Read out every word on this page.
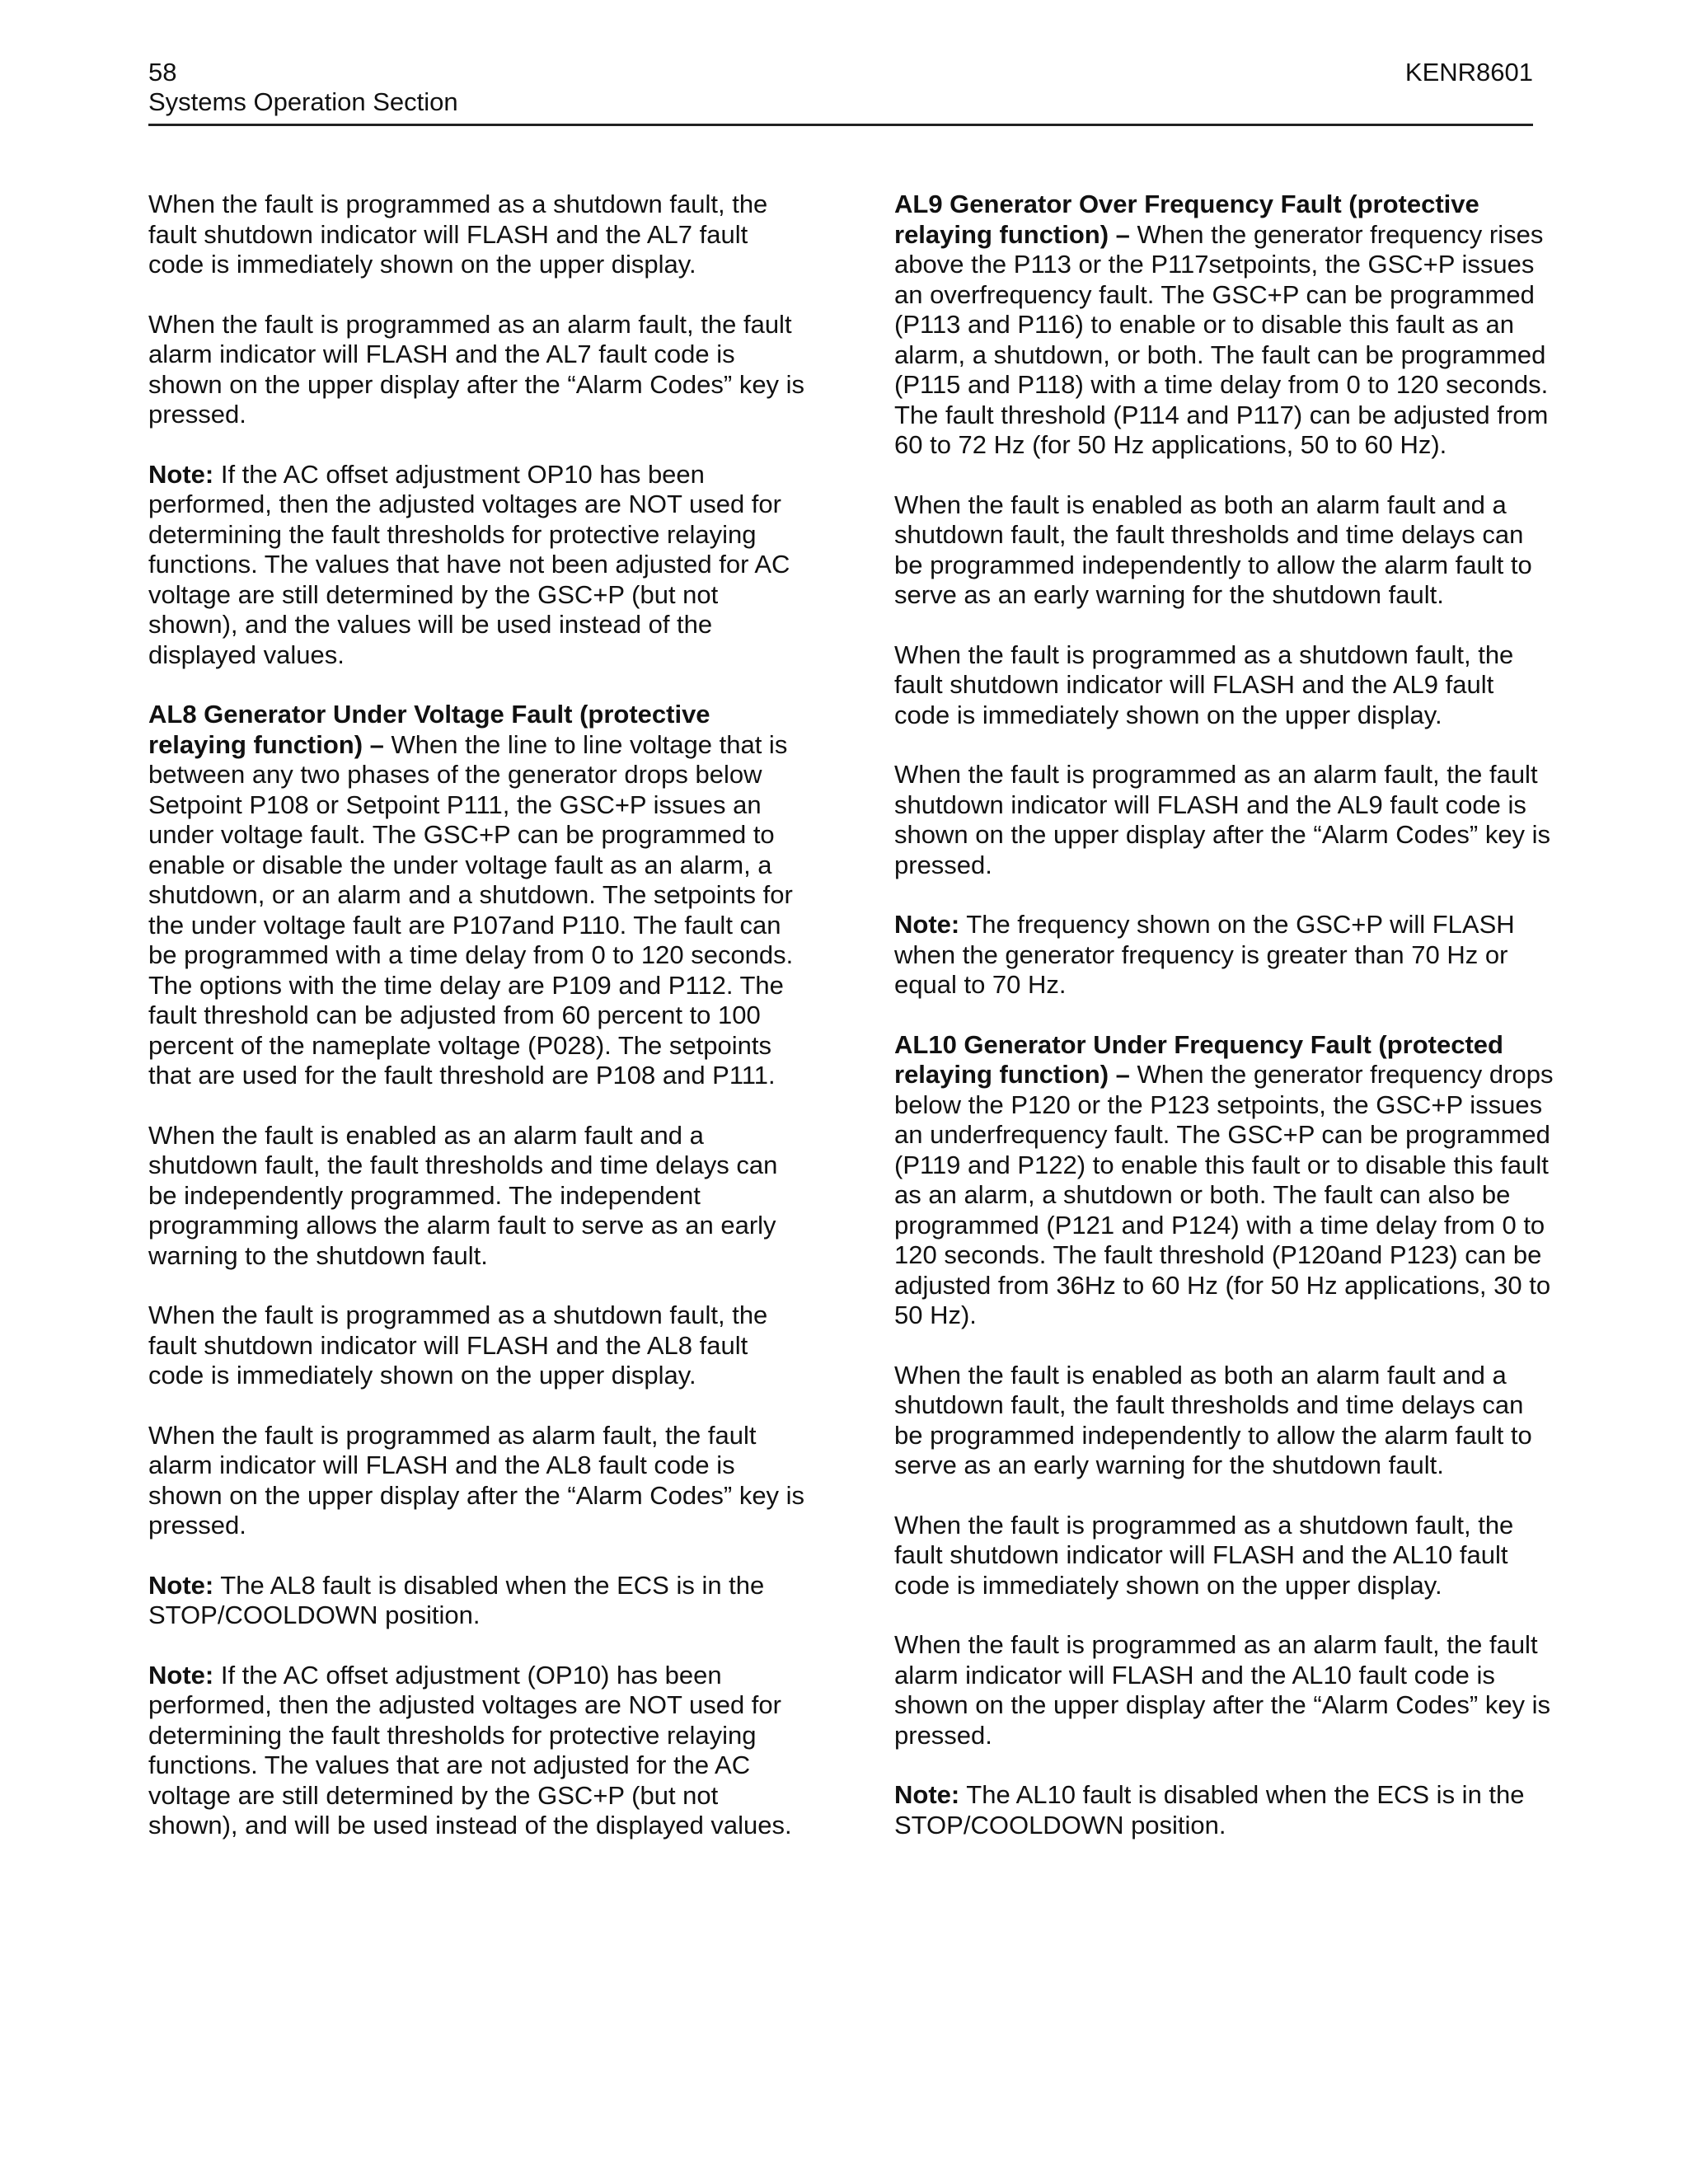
58
Systems Operation Section
KENR8601

When the fault is programmed as a shutdown fault, the fault shutdown indicator will FLASH and the AL7 fault code is immediately shown on the upper display.

When the fault is programmed as an alarm fault, the fault alarm indicator will FLASH and the AL7 fault code is shown on the upper display after the “Alarm Codes” key is pressed.

Note: If the AC offset adjustment OP10 has been performed, then the adjusted voltages are NOT used for determining the fault thresholds for protective relaying functions. The values that have not been adjusted for AC voltage are still determined by the GSC+P (but not shown), and the values will be used instead of the displayed values.

AL8 Generator Under Voltage Fault (protective relaying function) – When the line to line voltage that is between any two phases of the generator drops below Setpoint P108 or Setpoint P111, the GSC+P issues an under voltage fault. The GSC+P can be programmed to enable or disable the under voltage fault as an alarm, a shutdown, or an alarm and a shutdown. The setpoints for the under voltage fault are P107and P110. The fault can be programmed with a time delay from 0 to 120 seconds. The options with the time delay are P109 and P112. The fault threshold can be adjusted from 60 percent to 100 percent of the nameplate voltage (P028). The setpoints that are used for the fault threshold are P108 and P111.

When the fault is enabled as an alarm fault and a shutdown fault, the fault thresholds and time delays can be independently programmed. The independent programming allows the alarm fault to serve as an early warning to the shutdown fault.

When the fault is programmed as a shutdown fault, the fault shutdown indicator will FLASH and the AL8 fault code is immediately shown on the upper display.

When the fault is programmed as alarm fault, the fault alarm indicator will FLASH and the AL8 fault code is shown on the upper display after the “Alarm Codes” key is pressed.

Note: The AL8 fault is disabled when the ECS is in the STOP/COOLDOWN position.

Note: If the AC offset adjustment (OP10) has been performed, then the adjusted voltages are NOT used for determining the fault thresholds for protective relaying functions. The values that are not adjusted for the AC voltage are still determined by the GSC+P (but not shown), and will be used instead of the displayed values.

AL9 Generator Over Frequency Fault (protective relaying function) – When the generator frequency rises above the P113 or the P117setpoints, the GSC+P issues an overfrequency fault. The GSC+P can be programmed (P113 and P116) to enable or to disable this fault as an alarm, a shutdown, or both. The fault can be programmed (P115 and P118) with a time delay from 0 to 120 seconds. The fault threshold (P114 and P117) can be adjusted from 60 to 72 Hz (for 50 Hz applications, 50 to 60 Hz).

When the fault is enabled as both an alarm fault and a shutdown fault, the fault thresholds and time delays can be programmed independently to allow the alarm fault to serve as an early warning for the shutdown fault.

When the fault is programmed as a shutdown fault, the fault shutdown indicator will FLASH and the AL9 fault code is immediately shown on the upper display.

When the fault is programmed as an alarm fault, the fault shutdown indicator will FLASH and the AL9 fault code is shown on the upper display after the “Alarm Codes” key is pressed.

Note: The frequency shown on the GSC+P will FLASH when the generator frequency is greater than 70 Hz or equal to 70 Hz.

AL10 Generator Under Frequency Fault (protected relaying function) – When the generator frequency drops below the P120 or the P123 setpoints, the GSC+P issues an underfrequency fault. The GSC+P can be programmed (P119 and P122) to enable this fault or to disable this fault as an alarm, a shutdown or both. The fault can also be programmed (P121 and P124) with a time delay from 0 to 120 seconds. The fault threshold (P120and P123) can be adjusted from 36Hz to 60 Hz (for 50 Hz applications, 30 to 50 Hz).

When the fault is enabled as both an alarm fault and a shutdown fault, the fault thresholds and time delays can be programmed independently to allow the alarm fault to serve as an early warning for the shutdown fault.

When the fault is programmed as a shutdown fault, the fault shutdown indicator will FLASH and the AL10 fault code is immediately shown on the upper display.

When the fault is programmed as an alarm fault, the fault alarm indicator will FLASH and the AL10 fault code is shown on the upper display after the “Alarm Codes” key is pressed.

Note: The AL10 fault is disabled when the ECS is in the STOP/COOLDOWN position.
